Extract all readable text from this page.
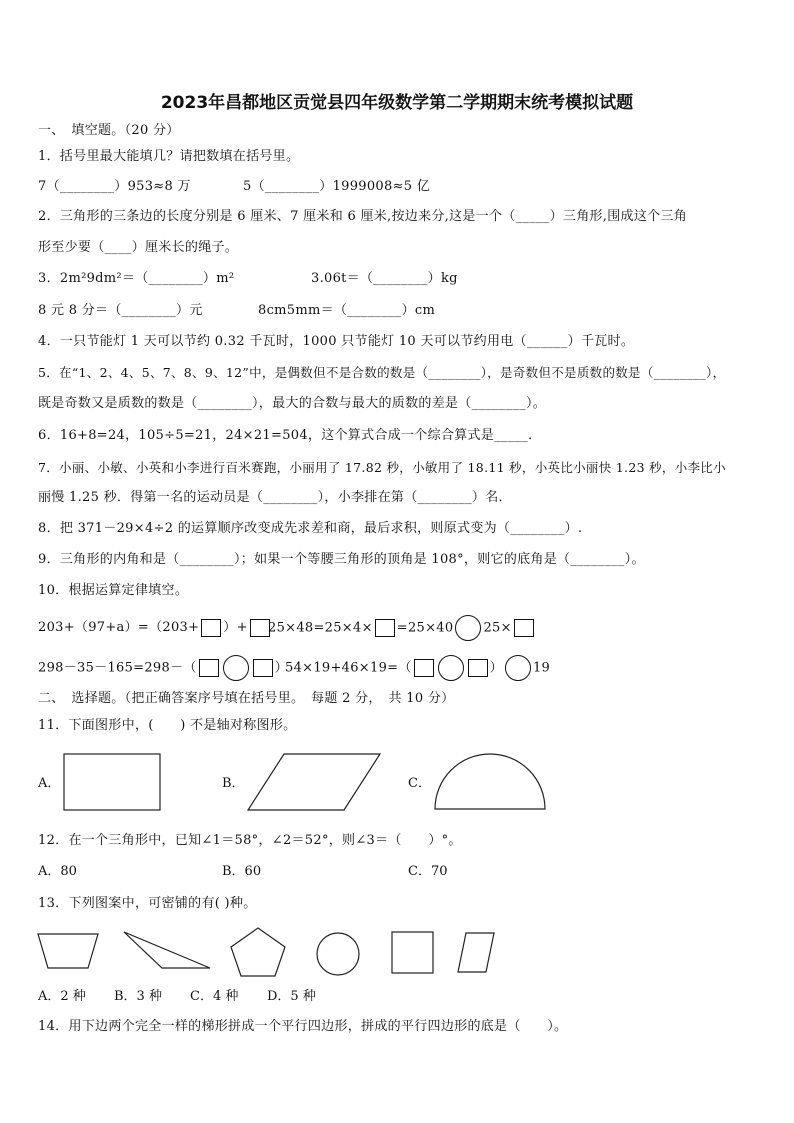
2023年昌都地区贡觉县四年级数学第二学期期末统考模拟试题
一、　填空题。（20 分）
1．括号里最大能填几？请把数填在括号里。
7（________）953≈8 万	5（________）1999008≈5 亿
2．三角形的三条边的长度分别是 6 厘米、7 厘米和 6 厘米,按边来分,这是一个（_____）三角形,围成这个三角
形至少要（____）厘米长的绳子。
3．2m²9dm²＝（________）m²	3.06t＝（________）kg
8 元 8 分＝（________）元	8cm5mm＝（________）cm
4．一只节能灯 1 天可以节约 0.32 千瓦时，1000 只节能灯 10 天可以节约用电（______）千瓦时。
5．在“1、2、4、5、7、8、9、12”中，是偶数但不是合数的数是（________），是奇数但不是质数的数是（________），
既是奇数又是质数的数是（________），最大的合数与最大的质数的差是（________）。
6．16+8=24，105÷5=21，24×21=504，这个算式合成一个综合算式是_____．
7．小丽、小敏、小英和小李进行百米赛跑，小丽用了 17.82 秒，小敏用了 18.11 秒，小英比小丽快 1.23 秒，小李比小
丽慢 1.25 秒．得第一名的运动员是（________），小李排在第（________）名．
8．把 371－29×4÷2 的运算顺序改变成先求差和商，最后求积，则原式变为（________）.
9．三角形的内角和是（________）；如果一个等腰三角形的顶角是 108°，则它的底角是（________）。
10．根据运算定律填空。
203+（97+a）=（203+ ）+	25×48=25×4× =25×40 25×
298－35－165=298－（	）
54×19+46×19=（	） 19
二、　选择题。（把正确答案序号填在括号里。　每题 2 分，　共 10 分）
11．下面图形中，(　　) 不是轴对称图形。
A．	B．	C．
12．在一个三角形中，已知∠1＝58°，∠2＝52°，则∠3＝（　　）°。
A．80	B．60	C．70
13．下列图案中，可密铺的有( )种。
A．2 种 B．3 种 C．4 种 D．5 种
14．用下边两个完全一样的梯形拼成一个平行四边形，拼成的平行四边形的底是（　　）。
